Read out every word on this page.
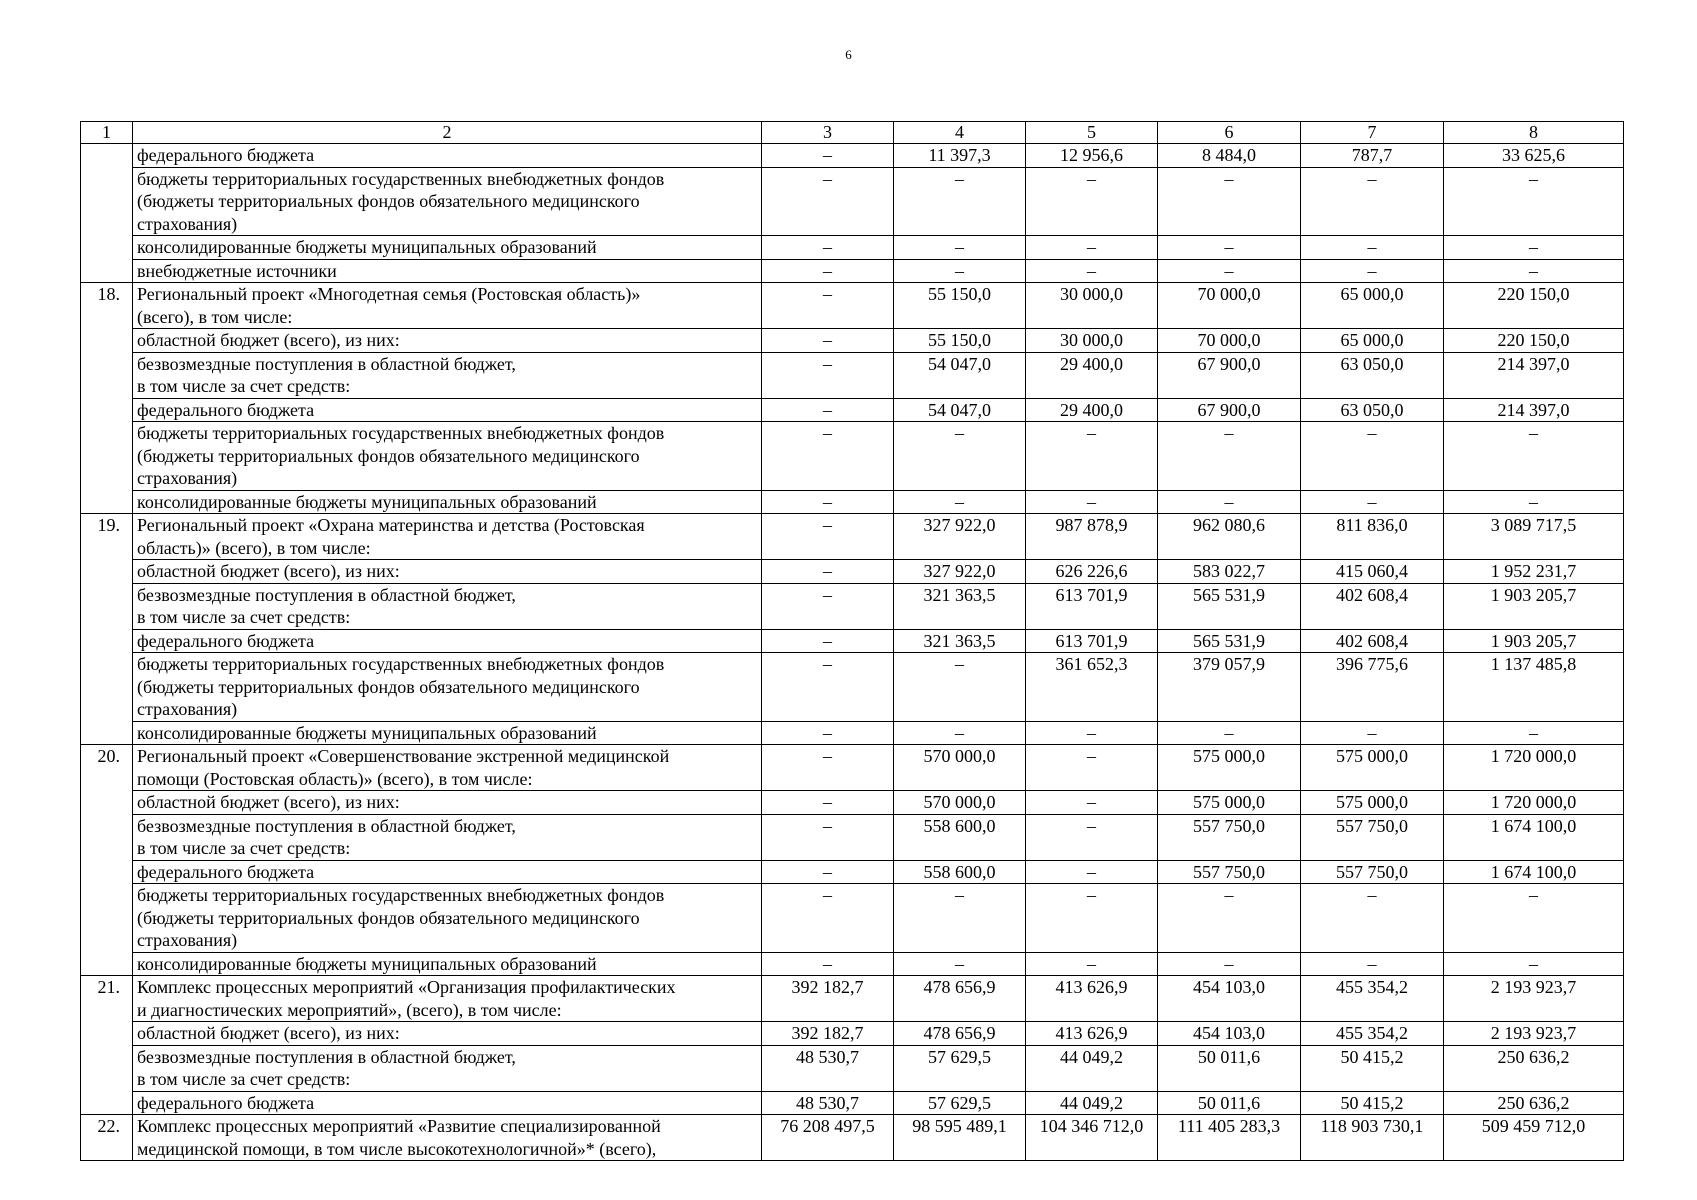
6
1	2	3	4	5	6	7	8

	федерального бюджета	–	11 397,3	12 956,6	8 484,0	787,7	33 625,6

	бюджеты территориальных государственных внебюджетных фондов
(бюджеты территориальных фондов обязательного медицинского
страхования)	–	–	–	–	–	–

	консолидированные бюджеты муниципальных образований	–	–	–	–	–	–

	внебюджетные источники	–	–	–	–	–	–
18.	Региональный проект «Многодетная семья (Ростовская область)»
(всего), в том числе:	–	55 150,0	30 000,0	70 000,0	65 000,0	220 150,0

	областной бюджет (всего), из них:	–	55 150,0	30 000,0	70 000,0	65 000,0	220 150,0

	безвозмездные поступления в областной бюджет,
в том числе за счет средств:	–	54 047,0	29 400,0	67 900,0	63 050,0	214 397,0

	федерального бюджета	–	54 047,0	29 400,0	67 900,0	63 050,0	214 397,0

	бюджеты территориальных государственных внебюджетных фондов
(бюджеты территориальных фондов обязательного медицинского
страхования)	–	–	–	–	–	–

	консолидированные бюджеты муниципальных образований	–	–	–	–	–	–
19.	Региональный проект «Охрана материнства и детства (Ростовская
область)» (всего), в том числе:	–	327 922,0	987 878,9	962 080,6	811 836,0	3 089 717,5

	областной бюджет (всего), из них:	–	327 922,0	626 226,6	583 022,7	415 060,4	1 952 231,7

	безвозмездные поступления в областной бюджет,
в том числе за счет средств:	–	321 363,5	613 701,9	565 531,9	402 608,4	1 903 205,7

	федерального бюджета	–	321 363,5	613 701,9	565 531,9	402 608,4	1 903 205,7

	бюджеты территориальных государственных внебюджетных фондов
(бюджеты территориальных фондов обязательного медицинского
страхования)	–	–	361 652,3	379 057,9	396 775,6	1 137 485,8

	консолидированные бюджеты муниципальных образований	–	–	–	–	–	–
20.	Региональный проект «Совершенствование экстренной медицинской
помощи (Ростовская область)» (всего), в том числе:	–	570 000,0	–	575 000,0	575 000,0	1 720 000,0

	областной бюджет (всего), из них:	–	570 000,0	–	575 000,0	575 000,0	1 720 000,0

	безвозмездные поступления в областной бюджет,
в том числе за счет средств:	–	558 600,0	–	557 750,0	557 750,0	1 674 100,0

	федерального бюджета	–	558 600,0	–	557 750,0	557 750,0	1 674 100,0

	бюджеты территориальных государственных внебюджетных фондов
(бюджеты территориальных фондов обязательного медицинского
страхования)	–	–	–	–	–	–

	консолидированные бюджеты муниципальных образований	–	–	–	–	–	–
21.	Комплекс процессных мероприятий «Организация профилактических
и диагностических мероприятий», (всего), в том числе:	392 182,7	478 656,9	413 626,9	454 103,0	455 354,2	2 193 923,7

	областной бюджет (всего), из них:	392 182,7	478 656,9	413 626,9	454 103,0	455 354,2	2 193 923,7

	безвозмездные поступления в областной бюджет,
в том числе за счет средств:	48 530,7	57 629,5	44 049,2	50 011,6	50 415,2	250 636,2

	федерального бюджета	48 530,7	57 629,5	44 049,2	50 011,6	50 415,2	250 636,2
22.	Комплекс процессных мероприятий «Развитие специализированной
медицинской помощи, в том числе высокотехнологичной»* (всего),	76 208 497,5	98 595 489,1	104 346 712,0	111 405 283,3	118 903 730,1	509 459 712,0
